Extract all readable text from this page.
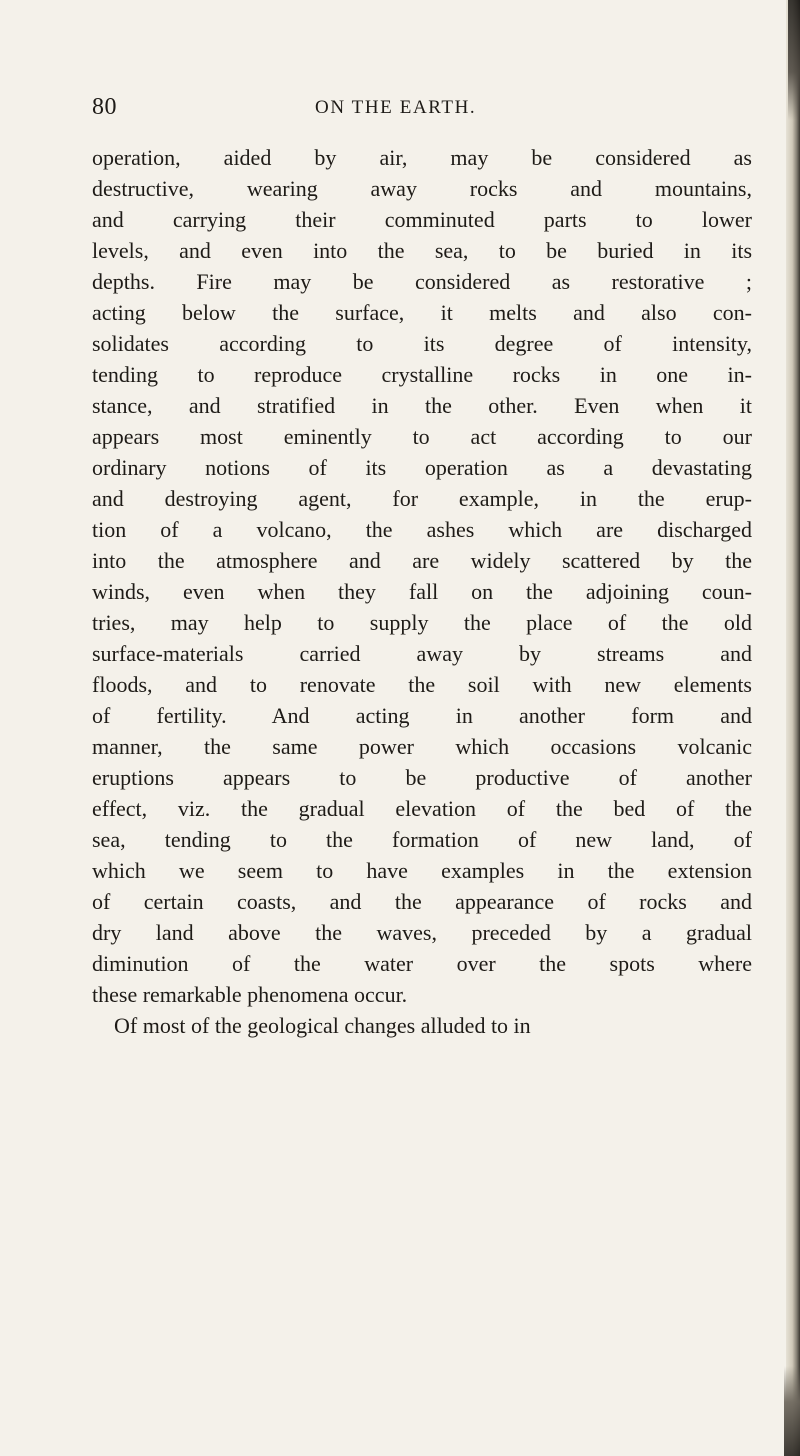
80	ON THE EARTH.
operation, aided by air, may be considered as
destructive, wearing away rocks and mountains,
and carrying their comminuted parts to lower
levels, and even into the sea, to be buried in its
depths. Fire may be considered as restorative ;
acting below the surface, it melts and also con-
solidates according to its degree of intensity,
tending to reproduce crystalline rocks in one in-
stance, and stratified in the other. Even when it
appears most eminently to act according to our
ordinary notions of its operation as a devastating
and destroying agent, for example, in the erup-
tion of a volcano, the ashes which are discharged
into the atmosphere and are widely scattered by the
winds, even when they fall on the adjoining coun-
tries, may help to supply the place of the old
surface-materials carried away by streams and
floods, and to renovate the soil with new elements
of fertility. And acting in another form and
manner, the same power which occasions volcanic
eruptions appears to be productive of another
effect, viz. the gradual elevation of the bed of the
sea, tending to the formation of new land, of
which we seem to have examples in the extension
of certain coasts, and the appearance of rocks and
dry land above the waves, preceded by a gradual
diminution of the water over the spots where
these remarkable phenomena occur.
Of most of the geological changes alluded to in
